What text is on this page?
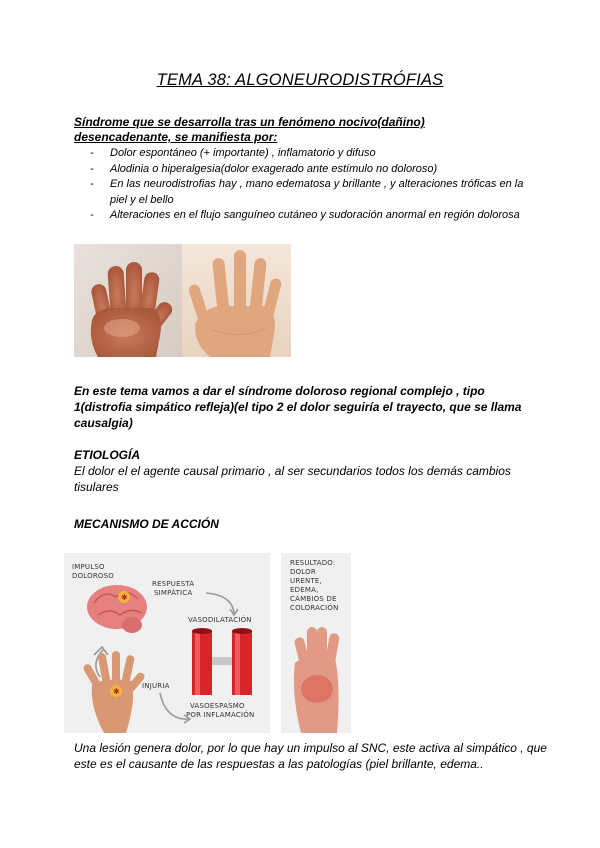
TEMA 38: ALGONEURODISTRÓFIAS
Síndrome que se desarrolla tras un fenómeno nocivo(dañino)
desencadenante, se manifiesta por:
- Dolor espontáneo (+ importante) , inflamatorio y difuso
- Alodinia o hiperalgesia(dolor exagerado ante estímulo no doloroso)
- En las neurodistrofias hay , mano edematosa y brillante , y alteraciones tróficas en la piel y el bello
- Alteraciones en el flujo sanguíneo cutáneo y sudoración anormal en región dolorosa
En este tema vamos a dar el síndrome doloroso regional complejo , tipo 1(distrofia simpático refleja)(el tipo 2 el dolor seguiría el trayecto, que se llama causalgia)
ETIOLOGÍA
El dolor el el agente causal primario , al ser secundarios todos los demás cambios tisulares
MECANISMO DE ACCIÓN
IMPULSO
DOLOROSO
RESPUESTA
SIMPÁTICA
VASODILATACIÓN
INJURIA
VASOESPASMO
POR INFLAMACIÓN
✱
✱
RESULTADO:
DOLOR
URENTE,
EDEMA,
CAMBIOS DE
COLORACIÓN
Una lesión genera dolor, por lo que hay un impulso al SNC, este activa al simpático , que este es el causante de las respuestas a las patologías (piel brillante, edema..
